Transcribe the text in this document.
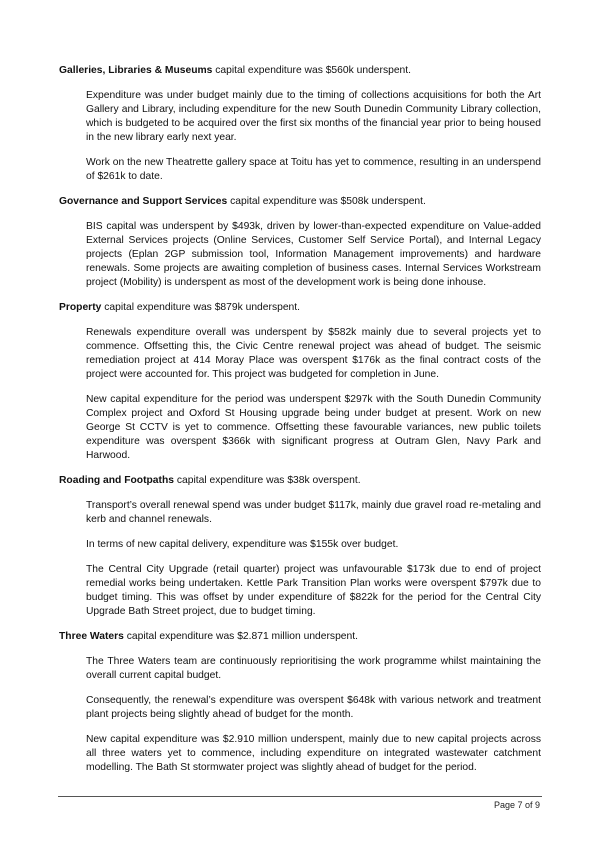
Galleries, Libraries & Museums capital expenditure was $560k underspent.

Expenditure was under budget mainly due to the timing of collections acquisitions for both the Art Gallery and Library, including expenditure for the new South Dunedin Community Library collection, which is budgeted to be acquired over the first six months of the financial year prior to being housed in the new library early next year.

Work on the new Theatrette gallery space at Toitu has yet to commence, resulting in an underspend of $261k to date.

Governance and Support Services capital expenditure was $508k underspent.

BIS capital was underspent by $493k, driven by lower-than-expected expenditure on Value-added External Services projects (Online Services, Customer Self Service Portal), and Internal Legacy projects (Eplan 2GP submission tool, Information Management improvements) and hardware renewals. Some projects are awaiting completion of business cases. Internal Services Workstream project (Mobility) is underspent as most of the development work is being done inhouse.

Property capital expenditure was $879k underspent.

Renewals expenditure overall was underspent by $582k mainly due to several projects yet to commence. Offsetting this, the Civic Centre renewal project was ahead of budget. The seismic remediation project at 414 Moray Place was overspent $176k as the final contract costs of the project were accounted for. This project was budgeted for completion in June.

New capital expenditure for the period was underspent $297k with the South Dunedin Community Complex project and Oxford St Housing upgrade being under budget at present. Work on new George St CCTV is yet to commence. Offsetting these favourable variances, new public toilets expenditure was overspent $366k with significant progress at Outram Glen, Navy Park and Harwood.

Roading and Footpaths capital expenditure was $38k overspent.

Transport’s overall renewal spend was under budget $117k, mainly due gravel road re-metaling and kerb and channel renewals.

In terms of new capital delivery, expenditure was $155k over budget.

The Central City Upgrade (retail quarter) project was unfavourable $173k due to end of project remedial works being undertaken. Kettle Park Transition Plan works were overspent $797k due to budget timing. This was offset by under expenditure of $822k for the period for the Central City Upgrade Bath Street project, due to budget timing.

Three Waters capital expenditure was $2.871 million underspent.

The Three Waters team are continuously reprioritising the work programme whilst maintaining the overall current capital budget.

Consequently, the renewal’s expenditure was overspent $648k with various network and treatment plant projects being slightly ahead of budget for the month.

New capital expenditure was $2.910 million underspent, mainly due to new capital projects across all three waters yet to commence, including expenditure on integrated wastewater catchment modelling. The Bath St stormwater project was slightly ahead of budget for the period.

Page 7 of 9
